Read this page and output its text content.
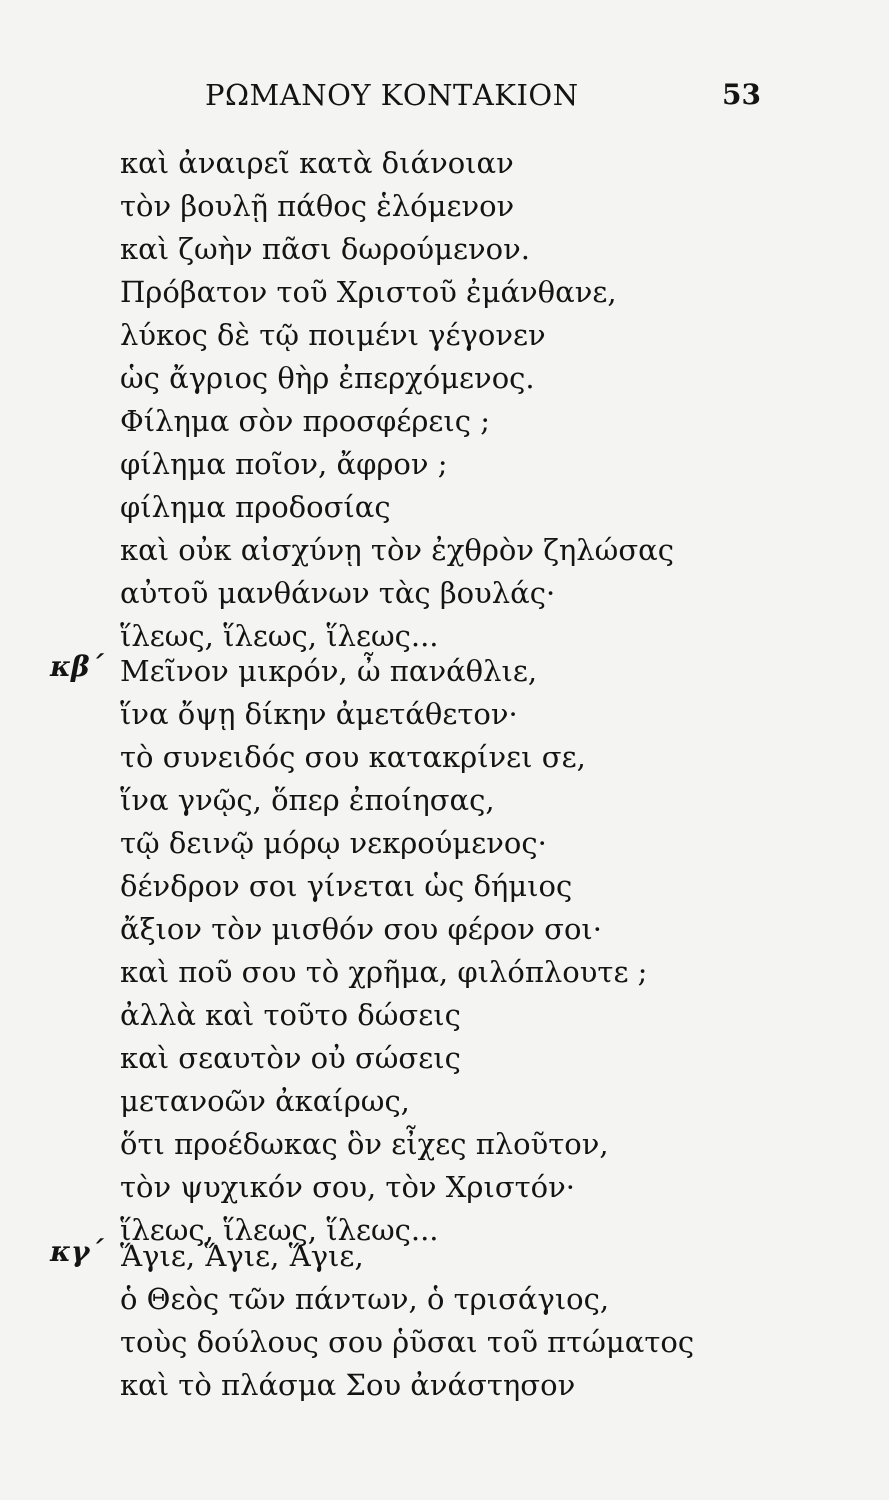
ΡΩΜΑΝΟΥ ΚΟΝΤΑΚΙΟΝ	53
καὶ ἀναιρεῖ κατὰ διάνοιαν
τὸν βουλῇ πάθος ἑλόμενον
καὶ ζωὴν πᾶσι δωρούμενον.
Πρόβατον τοῦ Χριστοῦ ἐμάνθανε,
λύκος δὲ τῷ ποιμένι γέγονεν
ὡς ἄγριος θὴρ ἐπερχόμενος.
Φίλημα σὸν προσφέρεις ;
φίλημα ποῖον, ἄφρον ;
φίλημα προδοσίας
καὶ οὐκ αἰσχύνῃ τὸν ἐχθρὸν ζηλώσας
αὐτοῦ μανθάνων τὰς βουλάς·
ἵλεως, ἵλεως, ἵλεως...
κβ΄ Μεῖνον μικρόν, ὦ πανάθλιε,
ἵνα ὄψῃ δίκην ἀμετάθετον·
τὸ συνειδός σου κατακρίνει σε,
ἵνα γνῷς, ὅπερ ἐποίησας,
τῷ δεινῷ μόρῳ νεκρούμενος·
δένδρον σοι γίνεται ὡς δήμιος
ἄξιον τὸν μισθόν σου φέρον σοι·
καὶ ποῦ σου τὸ χρῆμα, φιλόπλουτε ;
ἀλλὰ καὶ τοῦτο δώσεις
καὶ σεαυτὸν οὐ σώσεις
μετανοῶν ἀκαίρως,
ὅτι προέδωκας ὃν εἶχες πλοῦτον,
τὸν ψυχικόν σου, τὸν Χριστόν·
ἵλεως, ἵλεως, ἵλεως...
κγ΄ Ἅγιε, Ἅγιε, Ἅγιε,
ὁ Θεὸς τῶν πάντων, ὁ τρισάγιος,
τοὺς δούλους σου ῥῦσαι τοῦ πτώματος
καὶ τὸ πλάσμα Σου ἀνάστησον
